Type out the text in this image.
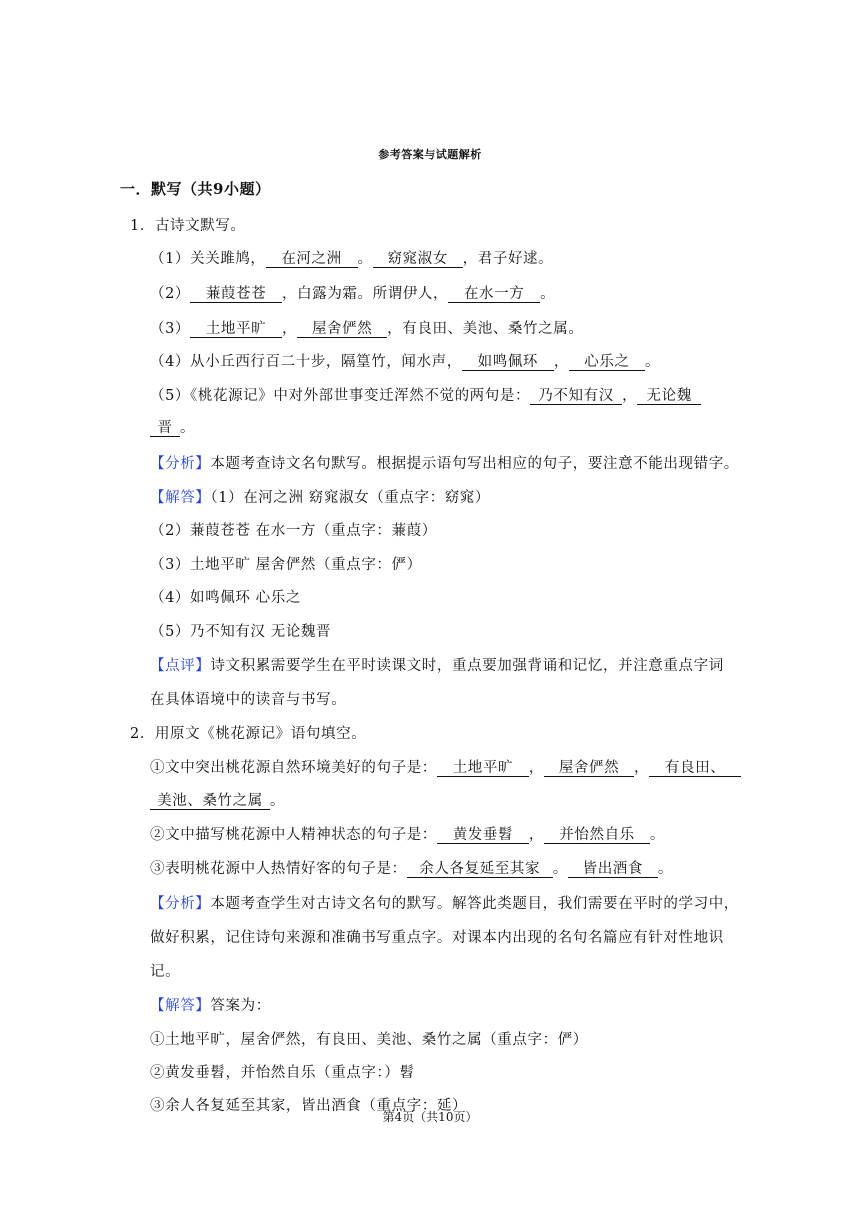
参考答案与试题解析
一．默写（共9小题）
1．古诗文默写。
（1）关关雎鸠， 在河之洲 。 窈窕淑女 ，君子好逑。
（2） 蒹葭苍苍 ，白露为霜。所谓伊人， 在水一方 。
（3） 土地平旷 ， 屋舍俨然 ，有良田、美池、桑竹之属。
（4）从小丘西行百二十步，隔篁竹，闻水声， 如鸣佩环 ， 心乐之 。
（5）《桃花源记》中对外部世事变迁浑然不觉的两句是： 乃不知有汉 ， 无论魏
晋 。
【分析】本题考查诗文名句默写。根据提示语句写出相应的句子，要注意不能出现错字。
【解答】（1）在河之洲 窈窕淑女（重点字：窈窕）
（2）蒹葭苍苍 在水一方（重点字：蒹葭）
（3）土地平旷 屋舍俨然（重点字：俨）
（4）如鸣佩环 心乐之
（5）乃不知有汉 无论魏晋
【点评】诗文积累需要学生在平时读课文时，重点要加强背诵和记忆，并注意重点字词
在具体语境中的读音与书写。
2．用原文《桃花源记》语句填空。
①文中突出桃花源自然环境美好的句子是： 土地平旷 ， 屋舍俨然 ， 有良田、
美池、桑竹之属 。
②文中描写桃花源中人精神状态的句子是： 黄发垂髫 ， 并怡然自乐 。
③表明桃花源中人热情好客的句子是： 余人各复延至其家 。 皆出酒食 。
【分析】本题考查学生对古诗文名句的默写。解答此类题目，我们需要在平时的学习中，
做好积累，记住诗句来源和准确书写重点字。对课本内出现的名句名篇应有针对性地识
记。
【解答】答案为：
①土地平旷，屋舍俨然，有良田、美池、桑竹之属（重点字：俨）
②黄发垂髫，并怡然自乐（重点字：）髫
③余人各复延至其家，皆出酒食（重点字：延）
第4页（共10页）
